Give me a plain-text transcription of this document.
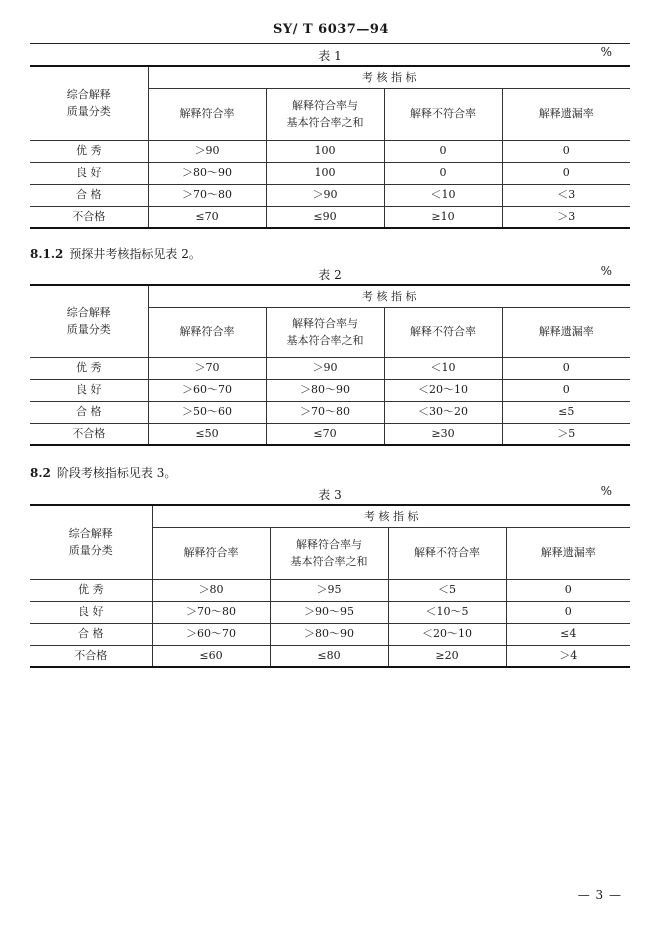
SY/ T 6037—94
表 1	%
综合解释
质量分类	考 核 指 标			
	解释符合率	解释符合率与
基本符合率之和	解释不符合率	解释遗漏率
优 秀	＞90	100	0	0
良 好	＞80～90	100	0	0
合 格	＞70～80	＞90	＜10	＜3
不合格	≤70	≤90	≥10	＞3
8.1.2 预探井考核指标见表 2。
表 2	%
综合解释
质量分类	考 核 指 标			
	解释符合率	解释符合率与
基本符合率之和	解释不符合率	解释遗漏率
优 秀	＞70	＞90	＜10	0
良 好	＞60～70	＞80～90	＜20～10	0
合 格	＞50～60	＞70～80	＜30～20	≤5
不合格	≤50	≤70	≥30	＞5
8.2 阶段考核指标见表 3。
表 3	%
综合解释
质量分类	考 核 指 标			
	解释符合率	解释符合率与
基本符合率之和	解释不符合率	解释遗漏率
优 秀	＞80	＞95	＜5	0
良 好	＞70～80	＞90～95	＜10～5	0
合 格	＞60～70	＞80～90	＜20～10	≤4
不合格	≤60	≤80	≥20	＞4
— 3 —
